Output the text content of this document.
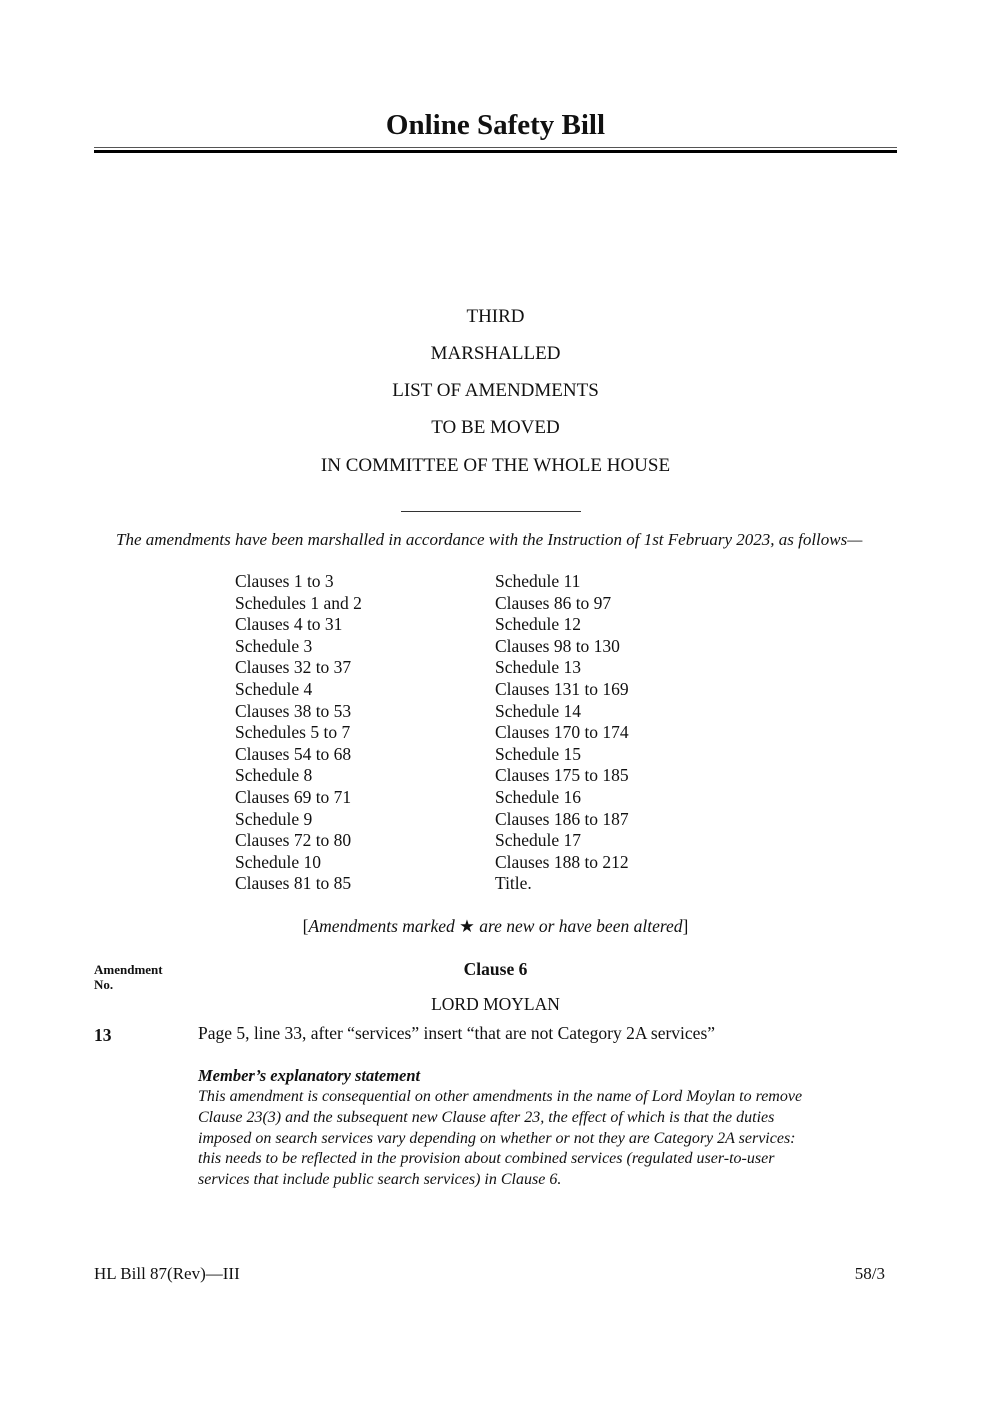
Online Safety Bill
THIRD
MARSHALLED
LIST OF AMENDMENTS
TO BE MOVED
IN COMMITTEE OF THE WHOLE HOUSE
The amendments have been marshalled in accordance with the Instruction of 1st February 2023, as follows—
Clauses 1 to 3
Schedules 1 and 2
Clauses 4 to 31
Schedule 3
Clauses 32 to 37
Schedule 4
Clauses 38 to 53
Schedules 5 to 7
Clauses 54 to 68
Schedule 8
Clauses 69 to 71
Schedule 9
Clauses 72 to 80
Schedule 10
Clauses 81 to 85
Schedule 11
Clauses 86 to 97
Schedule 12
Clauses 98 to 130
Schedule 13
Clauses 131 to 169
Schedule 14
Clauses 170 to 174
Schedule 15
Clauses 175 to 185
Schedule 16
Clauses 186 to 187
Schedule 17
Clauses 188 to 212
Title.
[Amendments marked ★ are new or have been altered]
Amendment
No.
Clause 6
LORD MOYLAN
13	Page 5, line 33, after “services” insert “that are not Category 2A services”
Member’s explanatory statement
This amendment is consequential on other amendments in the name of Lord Moylan to remove
Clause 23(3) and the subsequent new Clause after 23, the effect of which is that the duties
imposed on search services vary depending on whether or not they are Category 2A services:
this needs to be reflected in the provision about combined services (regulated user-to-user
services that include public search services) in Clause 6.
HL Bill 87(Rev)—III	58/3
